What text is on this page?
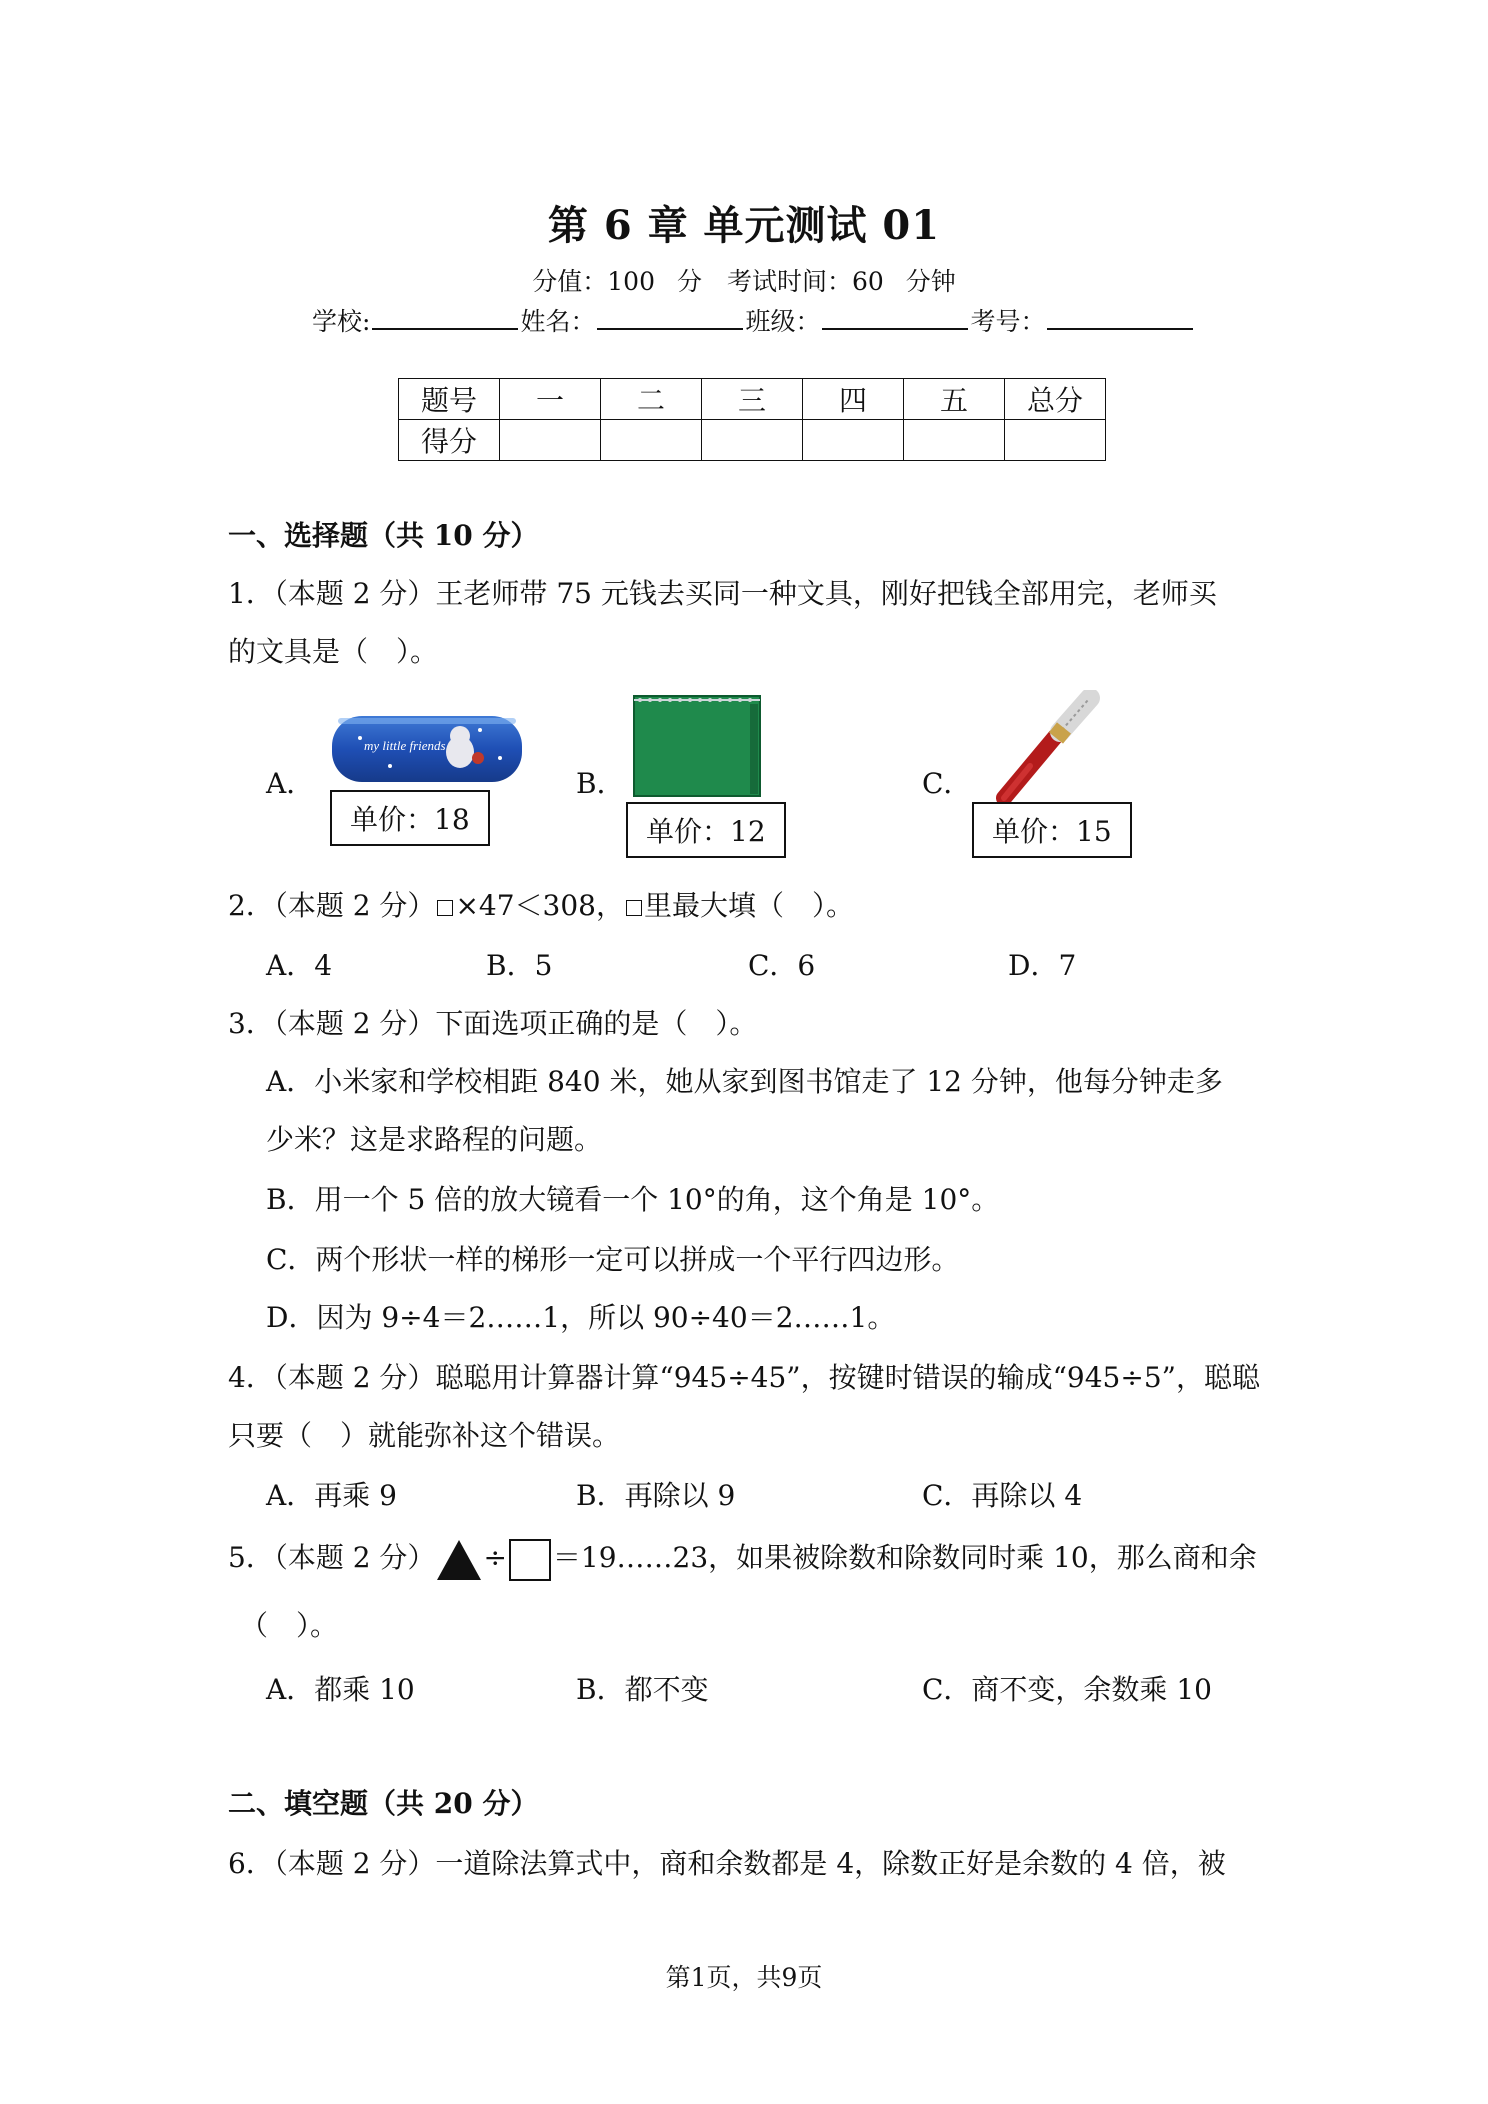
第 6 章 单元测试 01
分值：100 分　考试时间：60 分钟
学校:	姓名：	班级：	考号：
题号	一	二	三	四	五	总分
得分						
一、选择题（共 10 分）
1．（本题 2 分）王老师带 75 元钱去买同一种文具，刚好把钱全部用完，老师买
的文具是（　）。
A．
my little friends
单价：18
B．
单价：12
C．
单价：15
2．（本题 2 分） ×47＜308， 里最大填（　）。
A．4	B．5	C．6	D．7
3．（本题 2 分）下面选项正确的是（　）。
A．小米家和学校相距 840 米，她从家到图书馆走了 12 分钟，他每分钟走多
少米？这是求路程的问题。
B．用一个 5 倍的放大镜看一个 10°的角，这个角是 10°。
C．两个形状一样的梯形一定可以拼成一个平行四边形。
D．因为 9÷4＝2……1，所以 90÷40＝2……1。
4．（本题 2 分）聪聪用计算器计算“945÷45”，按键时错误的输成“945÷5”，聪聪
只要（　）就能弥补这个错误。
A．再乘 9	B．再除以 9	C．再除以 4
5．（本题 2 分） ÷ ＝19……23，如果被除数和除数同时乘 10，那么商和余
（　）。
A．都乘 10	B．都不变	C．商不变，余数乘 10
二、填空题（共 20 分）
6．（本题 2 分）一道除法算式中，商和余数都是 4，除数正好是余数的 4 倍，被
第1页，共9页
